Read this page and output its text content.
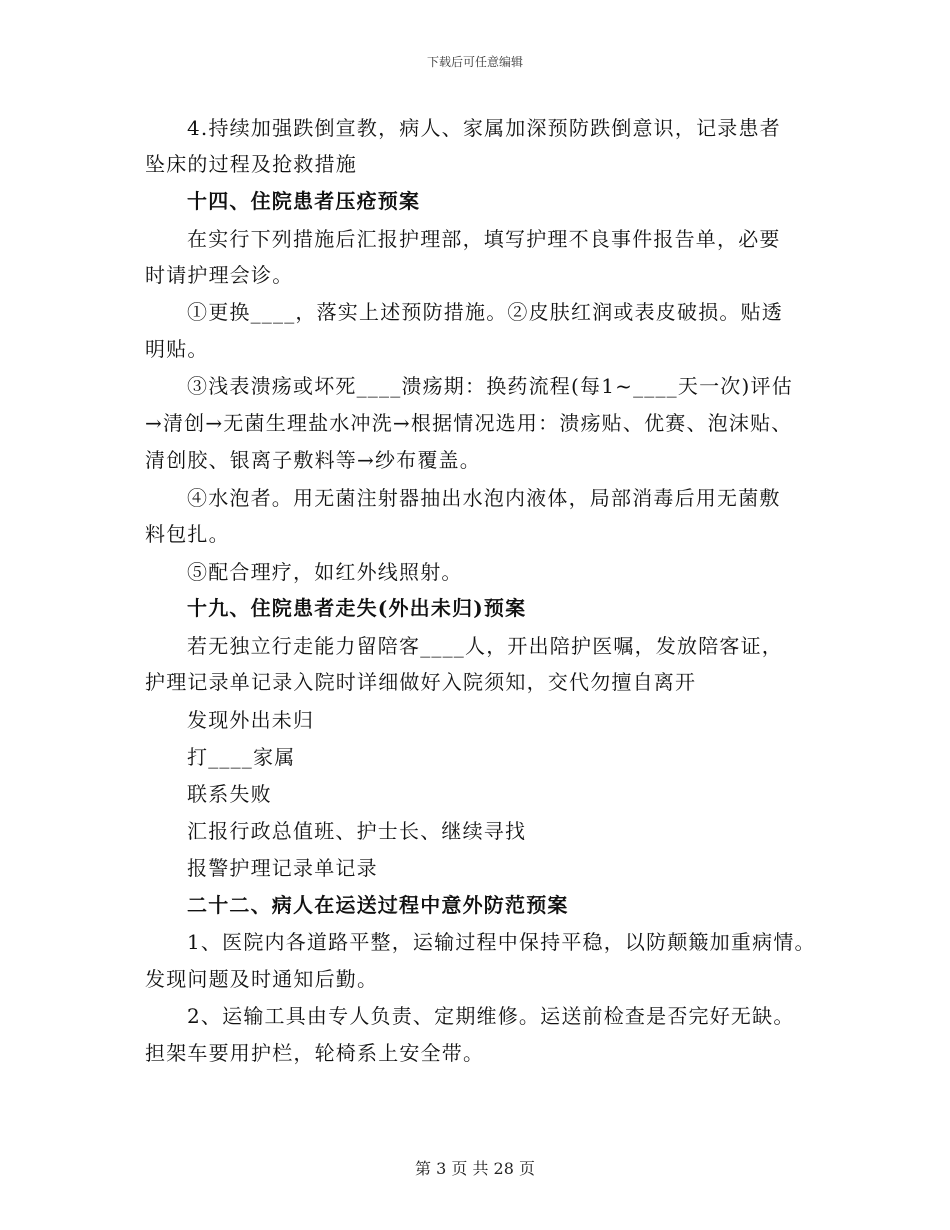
下载后可任意编辑
4.持续加强跌倒宣教，病人、家属加深预防跌倒意识，记录患者
坠床的过程及抢救措施
十四、住院患者压疮预案
在实行下列措施后汇报护理部，填写护理不良事件报告单，必要
时请护理会诊。
①更换____，落实上述预防措施。②皮肤红润或表皮破损。贴透
明贴。
③浅表溃疡或坏死____溃疡期：换药流程(每1~____天一次)评估
→清创→无菌生理盐水冲洗→根据情况选用：溃疡贴、优赛、泡沫贴、
清创胶、银离子敷料等→纱布覆盖。
④水泡者。用无菌注射器抽出水泡内液体，局部消毒后用无菌敷
料包扎。
⑤配合理疗，如红外线照射。
十九、住院患者走失(外出未归)预案
若无独立行走能力留陪客____人，开出陪护医嘱，发放陪客证，
护理记录单记录入院时详细做好入院须知，交代勿擅自离开
发现外出未归
打____家属
联系失败
汇报行政总值班、护士长、继续寻找
报警护理记录单记录
二十二、病人在运送过程中意外防范预案
1、医院内各道路平整，运输过程中保持平稳，以防颠簸加重病情。
发现问题及时通知后勤。
2、运输工具由专人负责、定期维修。运送前检查是否完好无缺。
担架车要用护栏，轮椅系上安全带。
第 3 页 共 28 页
